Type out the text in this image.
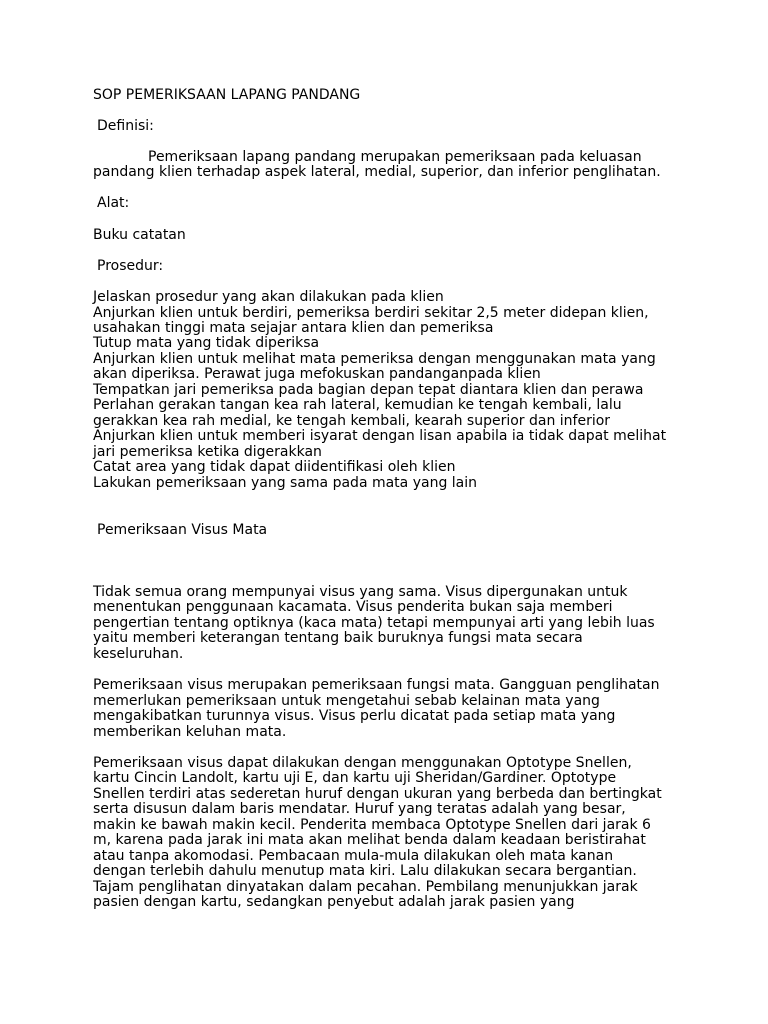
SOP PEMERIKSAAN LAPANG PANDANG
Definisi:
Pemeriksaan lapang pandang merupakan pemeriksaan pada keluasan
pandang klien terhadap aspek lateral, medial, superior, dan inferior penglihatan.
Alat:
Buku catatan
Prosedur:
Jelaskan prosedur yang akan dilakukan pada klien
Anjurkan klien untuk berdiri, pemeriksa berdiri sekitar 2,5 meter didepan klien,
usahakan tinggi mata sejajar antara klien dan pemeriksa
Tutup mata yang tidak diperiksa
Anjurkan klien untuk melihat mata pemeriksa dengan menggunakan mata yang
akan diperiksa. Perawat juga mefokuskan pandanganpada klien
Tempatkan jari pemeriksa pada bagian depan tepat diantara klien dan perawa
Perlahan gerakan tangan kea rah lateral, kemudian ke tengah kembali, lalu
gerakkan kea rah medial, ke tengah kembali, kearah superior dan inferior
Anjurkan klien untuk memberi isyarat dengan lisan apabila ia tidak dapat melihat
jari pemeriksa ketika digerakkan
Catat area yang tidak dapat diidentifikasi oleh klien
Lakukan pemeriksaan yang sama pada mata yang lain
Pemeriksaan Visus Mata
Tidak semua orang mempunyai visus yang sama. Visus dipergunakan untuk
menentukan penggunaan kacamata. Visus penderita bukan saja memberi
pengertian tentang optiknya (kaca mata) tetapi mempunyai arti yang lebih luas
yaitu memberi keterangan tentang baik buruknya fungsi mata secara
keseluruhan.
Pemeriksaan visus merupakan pemeriksaan fungsi mata. Gangguan penglihatan
memerlukan pemeriksaan untuk mengetahui sebab kelainan mata yang
mengakibatkan turunnya visus. Visus perlu dicatat pada setiap mata yang
memberikan keluhan mata.
Pemeriksaan visus dapat dilakukan dengan menggunakan Optotype Snellen,
kartu Cincin Landolt, kartu uji E, dan kartu uji Sheridan/Gardiner. Optotype
Snellen terdiri atas sederetan huruf dengan ukuran yang berbeda dan bertingkat
serta disusun dalam baris mendatar. Huruf yang teratas adalah yang besar,
makin ke bawah makin kecil. Penderita membaca Optotype Snellen dari jarak 6
m, karena pada jarak ini mata akan melihat benda dalam keadaan beristirahat
atau tanpa akomodasi. Pembacaan mula-mula dilakukan oleh mata kanan
dengan terlebih dahulu menutup mata kiri. Lalu dilakukan secara bergantian.
Tajam penglihatan dinyatakan dalam pecahan. Pembilang menunjukkan jarak
pasien dengan kartu, sedangkan penyebut adalah jarak pasien yang
